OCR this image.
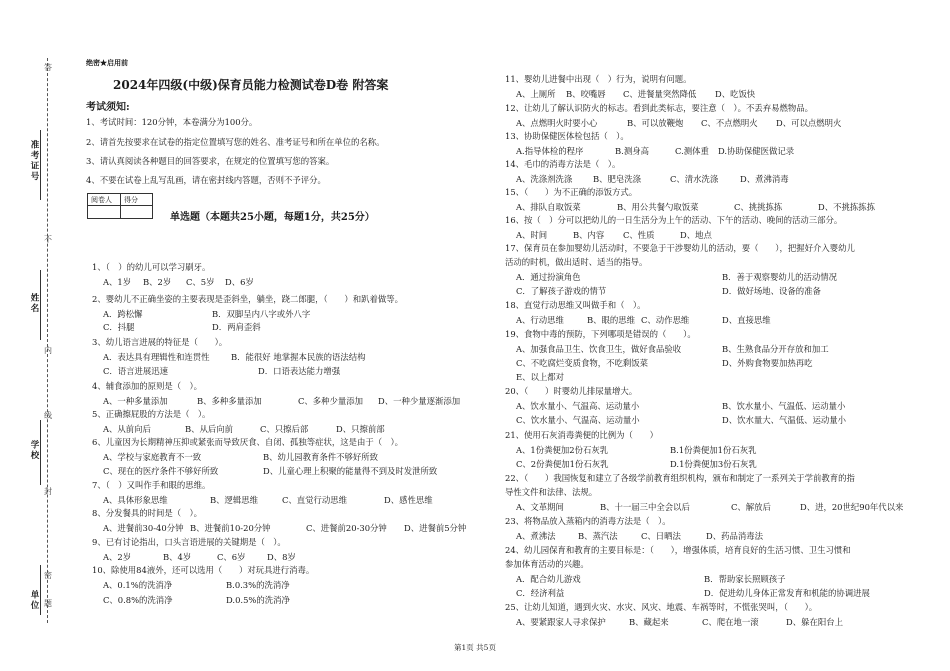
准考证号
姓名
学校
单位
答
不
内
线
封
题
密
绝密★启用前
2024年四级(中级)保育员能力检测试卷D卷 附答案
考试须知:
1、考试时间：120分钟，本卷满分为100分。
2、请首先按要求在试卷的指定位置填写您的姓名、准考证号和所在单位的名称。
3、请认真阅读各种题目的回答要求，在规定的位置填写您的答案。
4、不要在试卷上乱写乱画，请在密封线内答题，否则不予评分。
阅卷人 得分
单选题（本题共25小题，每题1分，共25分）
1、（　）的幼儿可以学习刷牙。
A、1岁 B、2岁 C、5岁 D、6岁
2、婴幼儿不正确坐姿的主要表现是歪斜坐，躺坐，跷二郎腿，（　　）和趴着做等。
A．跨松懈	B．双脚呈内八字或外八字
C．抖腿	D．两肩歪斜
3、幼儿语言进展的特征是（　　）。
A．表达具有理辑性和连贯性	B．能很好 地掌握本民族的语法结构
C．语言进展迅速	D．口语表达能力增强
4、辅食添加的原则是（　）。
A、一种多量添加	B、多种多量添加	C、多种少量添加 D、一种少量逐渐添加
5、正确擦屁股的方法是（　）。
A、从前向后	B、从后向前	C、只擦后部	D、只擦前部
6、儿童因为长期精神压抑或紧张而导致厌食、自闭、孤独等症状，这是由于（　）。
A、学校与家庭教育不一致	B、幼儿园教育条件不够好所致
C、现在的医疗条件不够好所致	D、儿童心理上积聚的能量得不到及时发泄所致
7、（　）又叫作手和眼的思维。
A、具体形象思维	B、逻辑思维	C、直觉行动思维	D、感性思维
8、分发餐具的时间是（　）。
A、进餐前30-40分钟 B、进餐前10-20分钟	C、进餐前20-30分钟 D、进餐前5分钟
9、已有讨论指出，口头言语进展的关键期是（　）。
A、2岁	B、4岁	C、6岁	D、8岁
10、除使用84液外，还可以选用（　　）对玩具进行消毒。
A、0.1%的洗消净	B.0.3%的洗消净
C、0.8%的洗消净	D.0.5%的洗消净
11、婴幼儿进餐中出现（　）行为，说明有问题。
A、上厕所 B、咬嘴唇 C、进餐量突然降低 D、吃饭快
12、让幼儿了解认识防火的标志。看到此类标志，要注意（　）。不丢弃易燃物品。
A、点燃明火时要小心	B、可以放鞭炮 C、不点燃明火 D、可以点燃明火
13、协助保健医体检包括（　）。
A.指导体检的程序	B.测身高	C.测体重 D.协助保健医做记录
14、毛巾的消毒方法是（　）。
A、洗涤剂洗涤 B、肥皂洗涤	C、清水洗涤	D、煮沸消毒
15、（　　）为不正确的添饭方式。
A、排队自取饭菜	B、用公共餐勺取饭菜	C、挑挑拣拣	D、不挑拣拣拣
16、按（　）分可以把幼儿的一日生活分为上午的活动、下午的活动、晚间的活动三部分。
A、时间	B、内容 C、性质	D、地点
17、保育员在参加婴幼儿活动时，不要急于干涉婴幼儿的活动，要（　　），把握好介入婴幼儿
活动的时机，做出适时、适当的指导。
A．通过扮演角色	B．善于观察婴幼儿的活动情况
C．了解孩子游戏的情节	D．做好场地、设备的准备
18、直觉行动思维又叫做手和（　）。
A、行动思维	B、眼的思维 C、动作思维	D、直接思维
19、食物中毒的预防，下列哪项是错误的（　　）。
A、加强食品卫生、饮食卫生，做好食品验收	B、生熟食品分开存放和加工
C、不吃腐烂变质食物，不吃剩饭菜	D、外购食物要加热再吃
E、以上都对
20、（　　）时婴幼儿排尿量增大。
A、饮水量小、气温高、运动量小	B、饮水量小、气温低、运动量小
C、饮水量小、气温高、运动量小	D、饮水量大、气温低、运动量小
21、使用石灰消毒粪便的比例为（　　）
A、1份粪便加2份石灰乳	B.1份粪便加1份石灰乳
C、2份粪便加1份石灰乳	D.1份粪便加3份石灰乳
22、（　　）我国恢复和建立了各级学前教育组织机构，颁布和制定了一系列关于学前教育的指
导性文件和法律、法规。
A、文革期间	B、十一届三中全会以后	C、解放后	D、进，20世纪90年代以来
23、将物品放入蒸箱内的消毒方法是（　）。
A、煮沸法	B、蒸汽法	C、日晒法	D、药品消毒法
24、幼儿园保育和教育的主要目标是：（　　），增强体质，培育良好的生活习惯、卫生习惯和
参加体育活动的兴趣。
A．配合幼儿游戏	B．帮助家长照顾孩子
C．经济利益	D．促进幼儿身体正常发育和机能的协调进展
25、让幼儿知道，遇到火灾、水灾、风灾、地震、车祸等时，不慌张哭叫，（　　）。
A、要紧跟家人寻求保护	B、藏起来	C、爬在地一滚	D、躲在阳台上
第1页 共5页
